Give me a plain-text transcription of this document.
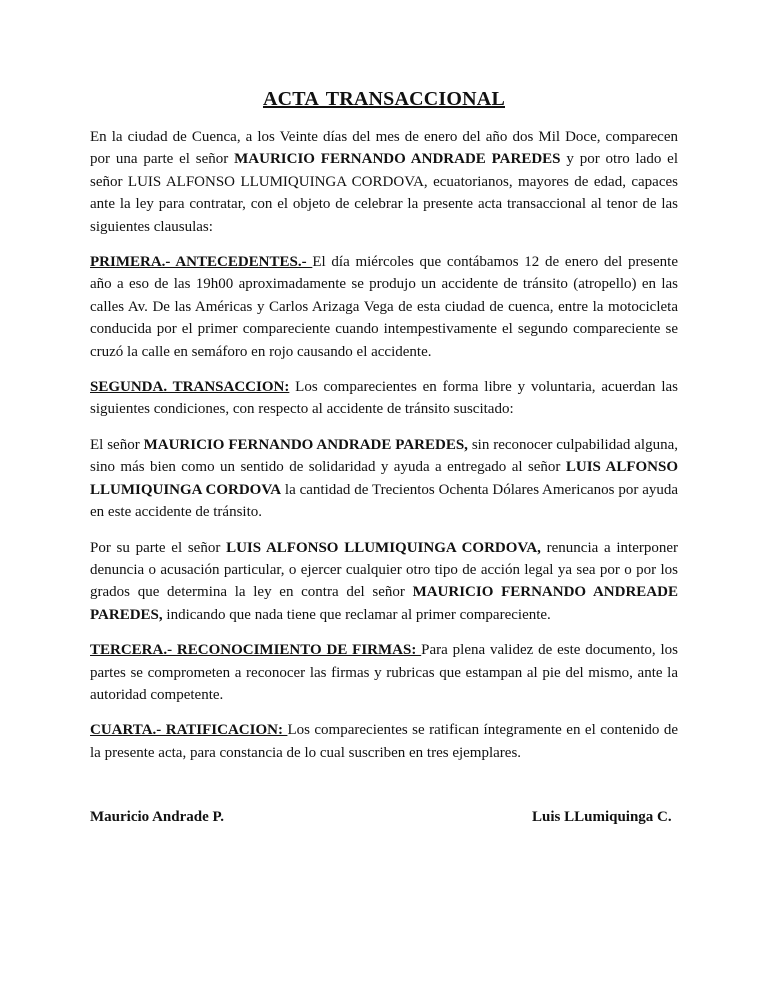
ACTA TRANSACCIONAL

En la ciudad de Cuenca, a los Veinte días del mes de enero del año dos Mil Doce, comparecen por una parte el señor MAURICIO FERNANDO ANDRADE PAREDES y por otro lado el señor LUIS ALFONSO LLUMIQUINGA CORDOVA, ecuatorianos, mayores de edad, capaces ante la ley para contratar, con el objeto de celebrar la presente acta transaccional al tenor de las siguientes clausulas:

PRIMERA.- ANTECEDENTES.- El día miércoles que contábamos 12 de enero del presente año a eso de las 19h00 aproximadamente se produjo un accidente de tránsito (atropello) en las calles Av. De las Américas y Carlos Arizaga Vega de esta ciudad de cuenca, entre la motocicleta conducida por el primer compareciente cuando intempestivamente el segundo compareciente se cruzó la calle en semáforo en rojo causando el accidente.

SEGUNDA. TRANSACCION: Los comparecientes en forma libre y voluntaria, acuerdan las siguientes condiciones, con respecto al accidente de tránsito suscitado:

El señor MAURICIO FERNANDO ANDRADE PAREDES, sin reconocer culpabilidad alguna, sino más bien como un sentido de solidaridad y ayuda a entregado al señor LUIS ALFONSO LLUMIQUINGA CORDOVA la cantidad de Trecientos Ochenta Dólares Americanos por ayuda en este accidente de tránsito.

Por su parte el señor LUIS ALFONSO LLUMIQUINGA CORDOVA, renuncia a interponer denuncia o acusación particular, o ejercer cualquier otro tipo de acción legal ya sea por o por los grados que determina la ley en contra del señor MAURICIO FERNANDO ANDREADE PAREDES, indicando que nada tiene que reclamar al primer compareciente.

TERCERA.- RECONOCIMIENTO DE FIRMAS: Para plena validez de este documento, los partes se comprometen a reconocer las firmas y rubricas que estampan al pie del mismo, ante la autoridad competente.

CUARTA.- RATIFICACION: Los comparecientes se ratifican íntegramente en el contenido de la presente acta, para constancia de lo cual suscriben en tres ejemplares.

Mauricio Andrade P.	Luis LLumiquinga C.
